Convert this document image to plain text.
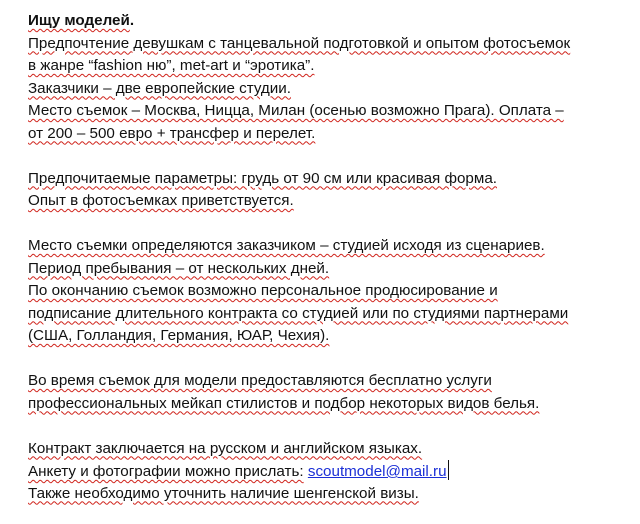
Ищу моделей.
Предпочтение девушкам с танцевальной подготовкой и опытом фотосъемок
в жанре “fashion ню”, met-art и “эротика”.
Заказчики – две европейские студии.
Место съемок – Москва, Ницца, Милан (осенью возможно Прага). Оплата –
от 200 – 500 евро + трансфер и перелет.
Предпочитаемые параметры: грудь от 90 см или красивая форма.
Опыт в фотосъемках приветствуется.
Место съемки определяются заказчиком – студией исходя из сценариев.
Период пребывания – от нескольких дней.
По окончанию съемок возможно персональное продюсирование и
подписание длительного контракта со студией или по студиями партнерами
(США, Голландия, Германия, ЮАР, Чехия).
Во время съемок для модели предоставляются бесплатно услуги
профессиональных мейкап стилистов и подбор некоторых видов белья.
Контракт заключается на русском и английском языках.
Анкету и фотографии можно прислать: scoutmodel@mail.ru
Также необходимо уточнить наличие шенгенской визы.
